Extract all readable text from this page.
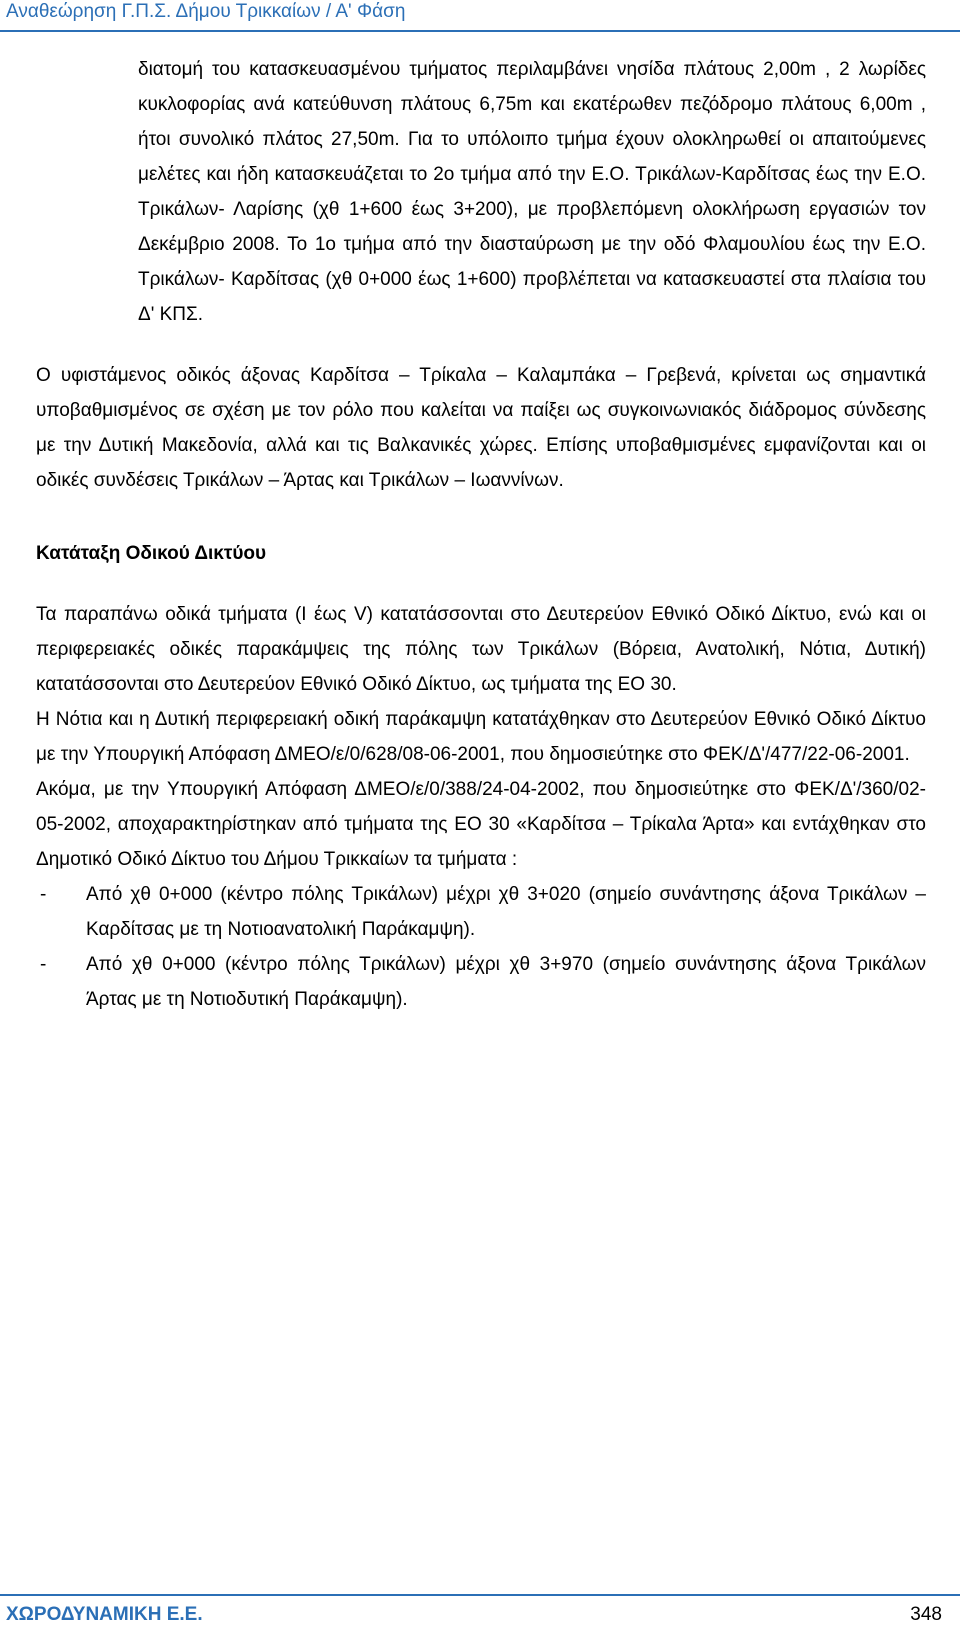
Αναθεώρηση Γ.Π.Σ. Δήμου Τρικκαίων / Α' Φάση

διατομή του κατασκευασμένου τμήματος περιλαμβάνει νησίδα πλάτους 2,00m , 2 λωρίδες κυκλοφορίας ανά κατεύθυνση πλάτους 6,75m και εκατέρωθεν πεζόδρομο πλάτους 6,00m , ήτοι συνολικό πλάτος 27,50m. Για το υπόλοιπο τμήμα έχουν ολοκληρωθεί οι απαιτούμενες μελέτες και ήδη κατασκευάζεται το 2ο τμήμα από την Ε.Ο. Τρικάλων-Καρδίτσας έως την Ε.Ο. Τρικάλων- Λαρίσης (χθ 1+600 έως 3+200), με προβλεπόμενη ολοκλήρωση εργασιών τον Δεκέμβριο 2008. Το 1ο τμήμα από την διασταύρωση με την οδό Φλαμουλίου έως την Ε.Ο. Τρικάλων- Καρδίτσας (χθ 0+000 έως 1+600) προβλέπεται να κατασκευαστεί στα πλαίσια του Δ' ΚΠΣ.

Ο υφιστάμενος οδικός άξονας Καρδίτσα – Τρίκαλα – Καλαμπάκα – Γρεβενά, κρίνεται ως σημαντικά υποβαθμισμένος σε σχέση με τον ρόλο που καλείται να παίξει ως συγκοινωνιακός διάδρομος σύνδεσης με την Δυτική Μακεδονία, αλλά και τις Βαλκανικές χώρες. Επίσης υποβαθμισμένες εμφανίζονται και οι οδικές συνδέσεις Τρικάλων – Άρτας και Τρικάλων – Ιωαννίνων.

Κατάταξη Οδικού Δικτύου

Τα παραπάνω οδικά τμήματα (Ι έως V) κατατάσσονται στο Δευτερεύον Εθνικό Οδικό Δίκτυο, ενώ και οι περιφερειακές οδικές παρακάμψεις της πόλης των Τρικάλων (Βόρεια, Ανατολική, Νότια, Δυτική) κατατάσσονται στο Δευτερεύον Εθνικό Οδικό Δίκτυο, ως τμήματα της ΕΟ 30.

Η Νότια και η Δυτική περιφερειακή οδική παράκαμψη κατατάχθηκαν στο Δευτερεύον Εθνικό Οδικό Δίκτυο με την Υπουργική Απόφαση ΔΜΕΟ/ε/0/628/08-06-2001, που δημοσιεύτηκε στο ΦΕΚ/Δ'/477/22-06-2001.

Ακόμα, με την Υπουργική Απόφαση ΔΜΕΟ/ε/0/388/24-04-2002, που δημοσιεύτηκε στο ΦΕΚ/Δ'/360/02-05-2002, αποχαρακτηρίστηκαν από τμήματα της ΕΟ 30 «Καρδίτσα – Τρίκαλα Άρτα» και εντάχθηκαν στο Δημοτικό Οδικό Δίκτυο του Δήμου Τρικκαίων τα τμήματα :

- Από χθ 0+000 (κέντρο πόλης Τρικάλων) μέχρι χθ 3+020 (σημείο συνάντησης άξονα Τρικάλων – Καρδίτσας με τη Νοτιοανατολική Παράκαμψη).
- Από χθ 0+000 (κέντρο πόλης Τρικάλων) μέχρι χθ 3+970 (σημείο συνάντησης άξονα Τρικάλων Άρτας με τη Νοτιοδυτική Παράκαμψη).
ΧΩΡΟΔΥΝΑΜΙΚΗ Ε.Ε.	348
